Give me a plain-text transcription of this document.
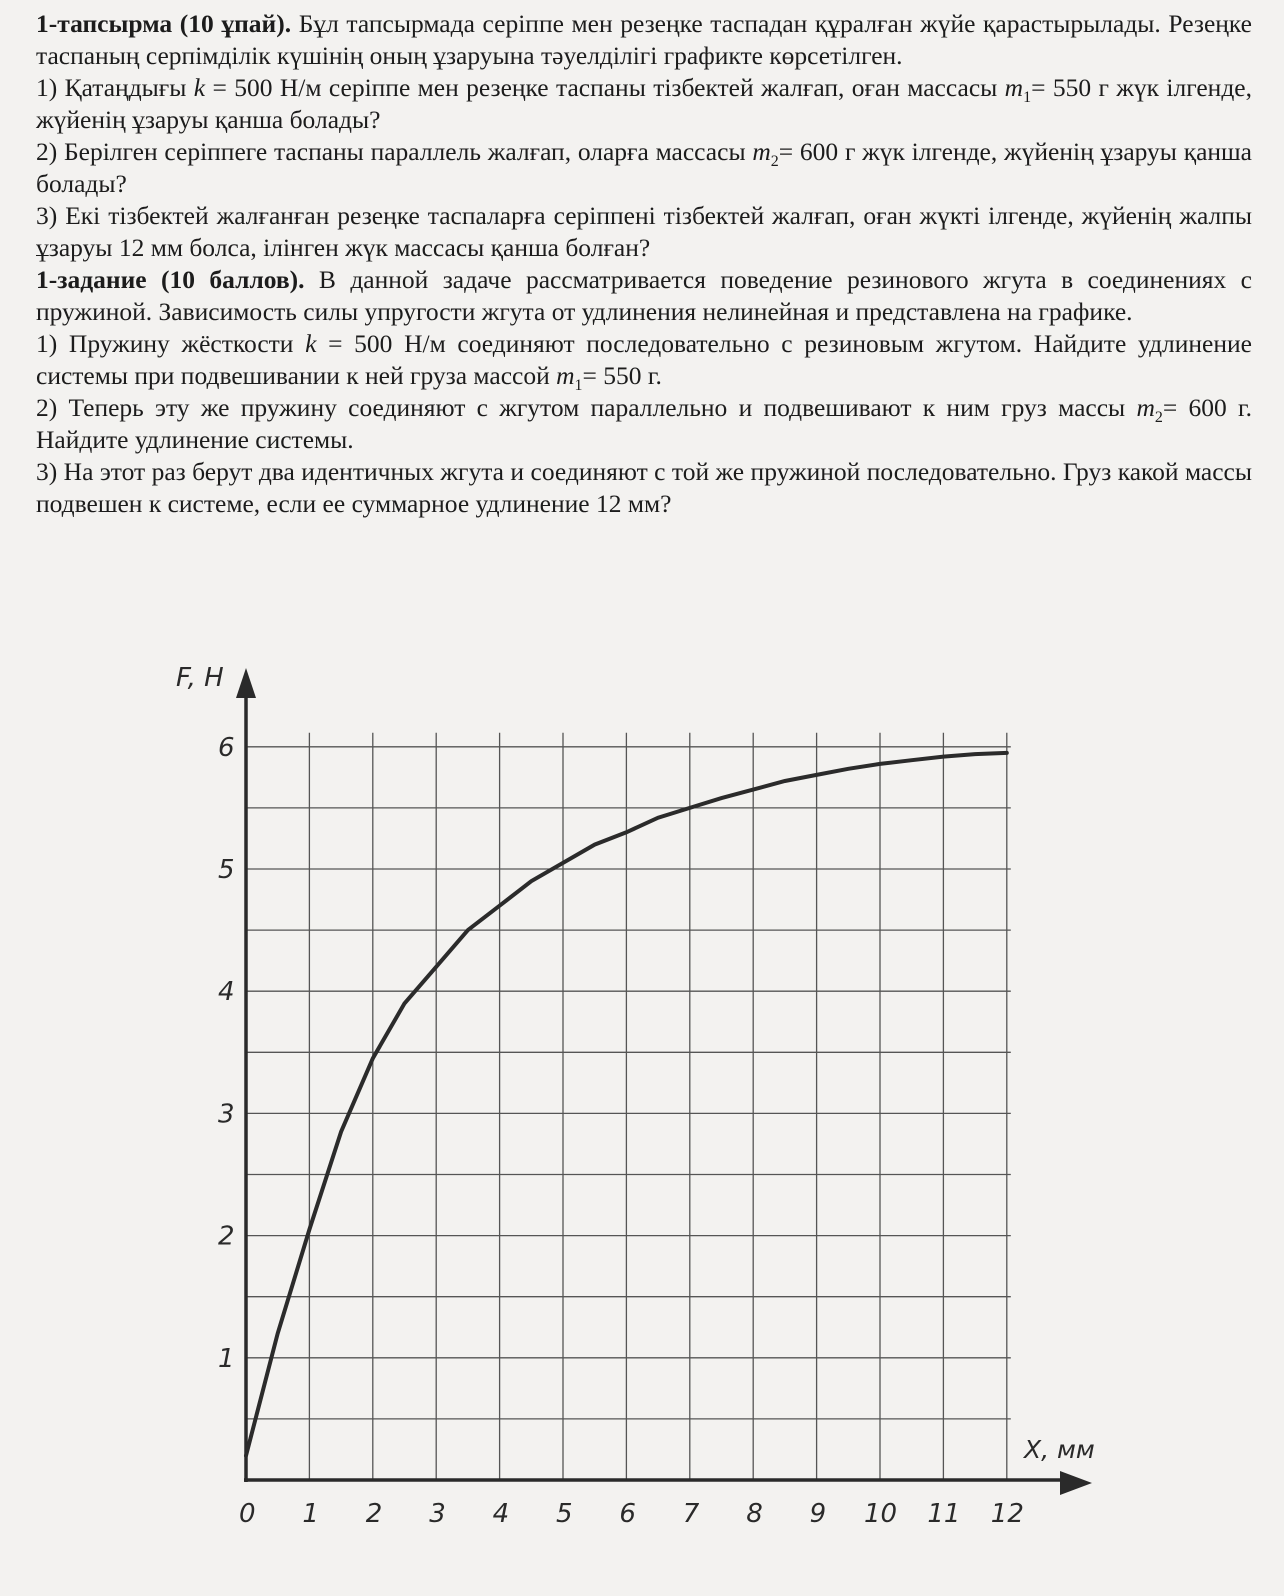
1-тапсырма (10 ұпай). Бұл тапсырмада серіппе мен резеңке таспадан құралған жүйе қарастырылады. Резеңке таспаның серпімділік күшінің оның ұзаруына тәуелділігі графикте көрсетілген.

1) Қатаңдығы k = 500 Н/м серіппе мен резеңке таспаны тізбектей жалғап, оған массасы $m_1= 550$ г жүк ілгенде, жүйенің ұзаруы қанша болады?

2) Берілген серіппеге таспаны параллель жалғап, оларға массасы $m_2= 600$ г жүк ілгенде, жүйенің ұзаруы қанша болады?

3) Екі тізбектей жалғанған резеңке таспаларға серіппені тізбектей жалғап, оған жүкті ілгенде, жүйенің жалпы ұзаруы 12 мм болса, ілінген жүк массасы қанша болған?

1-задание (10 баллов). В данной задаче рассматривается поведение резинового жгута в соединениях с пружиной. Зависимость силы упругости жгута от удлинения нелинейная и представлена на графике.

1) Пружину жёсткости k = 500 Н/м соединяют последовательно с резиновым жгутом. Найдите удлинение системы при подвешивании к ней груза массой $m_1= 550$ г.

2) Теперь эту же пружину соединяют с жгутом параллельно и подвешивают к ним груз массы $m_2= 600$ г. Найдите удлинение системы.

3) На этот раз берут два идентичных жгута и соединяют с той же пружиной последовательно. Груз какой массы подвешен к системе, если ее суммарное удлинение 12 мм?

0 1 2 3 4 5 6 7 8 9 10 11 12
1
2
3
4
5
6
F, Н
X, мм
